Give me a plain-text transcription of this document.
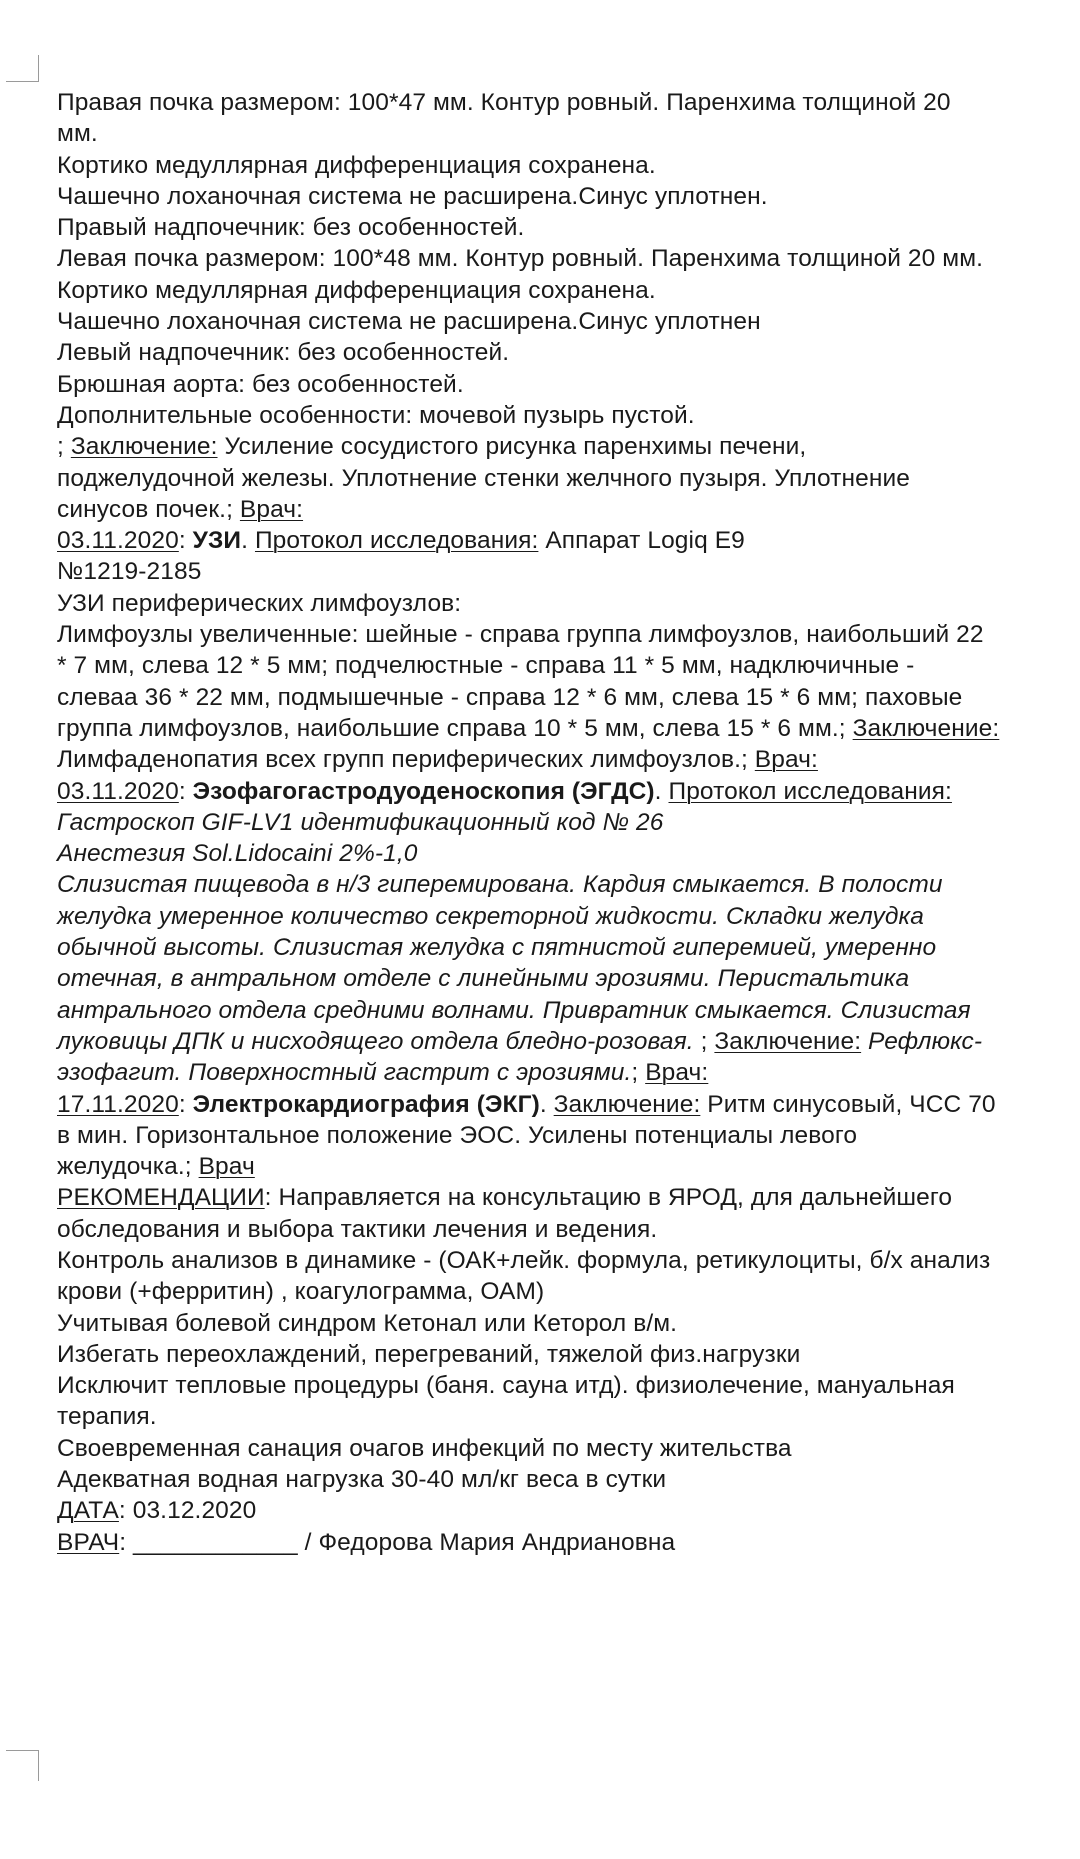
Правая почка размером: 100*47 мм. Контур ровный. Паренхима толщиной 20
мм.
Кортико медуллярная дифференциация сохранена.
Чашечно лоханочная система не расширена.Синус уплотнен.
Правый надпочечник: без особенностей.
Левая почка размером: 100*48 мм. Контур ровный. Паренхима толщиной 20 мм.
Кортико медуллярная дифференциация сохранена.
Чашечно лоханочная система не расширена.Синус уплотнен
Левый надпочечник: без особенностей.
Брюшная аорта: без особенностей.
Дополнительные особенности: мочевой пузырь пустой.
; Заключение: Усиление сосудистого рисунка паренхимы печени,
поджелудочной железы. Уплотнение стенки желчного пузыря. Уплотнение
синусов почек.; Врач:
03.11.2020: УЗИ. Протокол исследования: Аппарат Logiq E9
№1219-2185
УЗИ периферических лимфоузлов:
Лимфоузлы увеличенные: шейные - справа группа лимфоузлов, наибольший 22
* 7 мм, слева 12 * 5 мм; подчелюстные - справа 11 * 5 мм, надключичные -
слеваа 36 * 22 мм, подмышечные - справа 12 * 6 мм, слева 15 * 6 мм; паховые
группа лимфоузлов, наибольшие справа 10 * 5 мм, слева 15 * 6 мм.; Заключение:
Лимфаденопатия всех групп периферических лимфоузлов.; Врач:
03.11.2020: Эзофагогастродуоденоскопия (ЭГДС). Протокол исследования:
Гастроскоп GIF-LV1 идентификационный код № 26
Анестезия Sol.Lidocaini 2%-1,0
Слизистая пищевода в н/3 гиперемирована. Кардия смыкается. В полости
желудка умеренное количество секреторной жидкости. Складки желудка
обычной высоты. Слизистая желудка с пятнистой гиперемией, умеренно
отечная, в антральном отделе с линейными эрозиями. Перистальтика
антрального отдела средними волнами. Привратник смыкается. Слизистая
луковицы ДПК и нисходящего отдела бледно-розовая. ; Заключение: Рефлюкс-
эзофагит. Поверхностный гастрит с эрозиями.; Врач:
17.11.2020: Электрокардиография (ЭКГ). Заключение: Ритм синусовый, ЧСС 70
в мин. Горизонтальное положение ЭОС. Усилены потенциалы левого
желудочка.; Врач
РЕКОМЕНДАЦИИ: Направляется на консультацию в ЯРОД, для дальнейшего
обследования и выбора тактики лечения и ведения.
Контроль анализов в динамике - (ОАК+лейк. формула, ретикулоциты, б/х анализ
крови (+ферритин) , коагулограмма, ОАМ)
Учитывая болевой синдром Кетонал или Кеторол в/м.
Избегать переохлаждений, перегреваний, тяжелой физ.нагрузки
Исключит тепловые процедуры (баня. сауна итд). физиолечение, мануальная
терапия.
Своевременная санация очагов инфекций по месту жительства
Адекватная водная нагрузка 30-40 мл/кг веса в сутки
ДАТА: 03.12.2020
ВРАЧ: ____________ / Федорова Мария Андриановна
